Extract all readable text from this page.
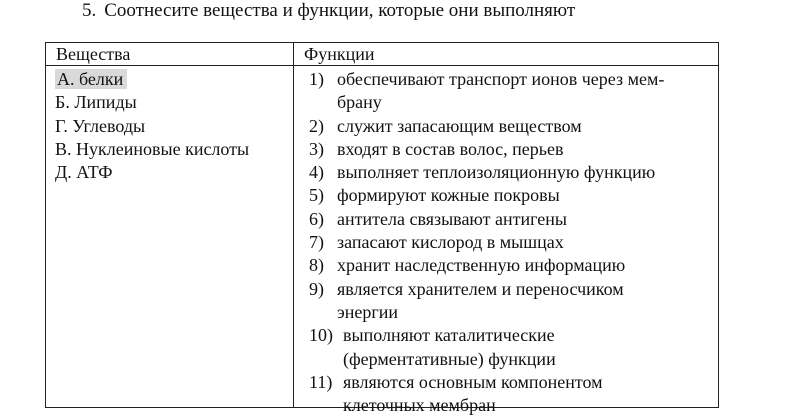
5. Соотнесите вещества и функции, которые они выполняют
Вещества	Функции
А. белки
Б. Липиды
Г. Углеводы
В. Нуклеиновые кислоты
Д. АТФ
1) обеспечивают транспорт ионов через мем-
брану
2) служит запасающим веществом
3) входят в состав волос, перьев
4) выполняет теплоизоляционную функцию
5) формируют кожные покровы
6) антитела связывают антигены
7) запасают кислород в мышцах
8) хранит наследственную информацию
9) является хранителем и переносчиком
энергии
10) выполняют каталитические
(ферментативные) функции
11) являются основным компонентом
клеточных мембран
